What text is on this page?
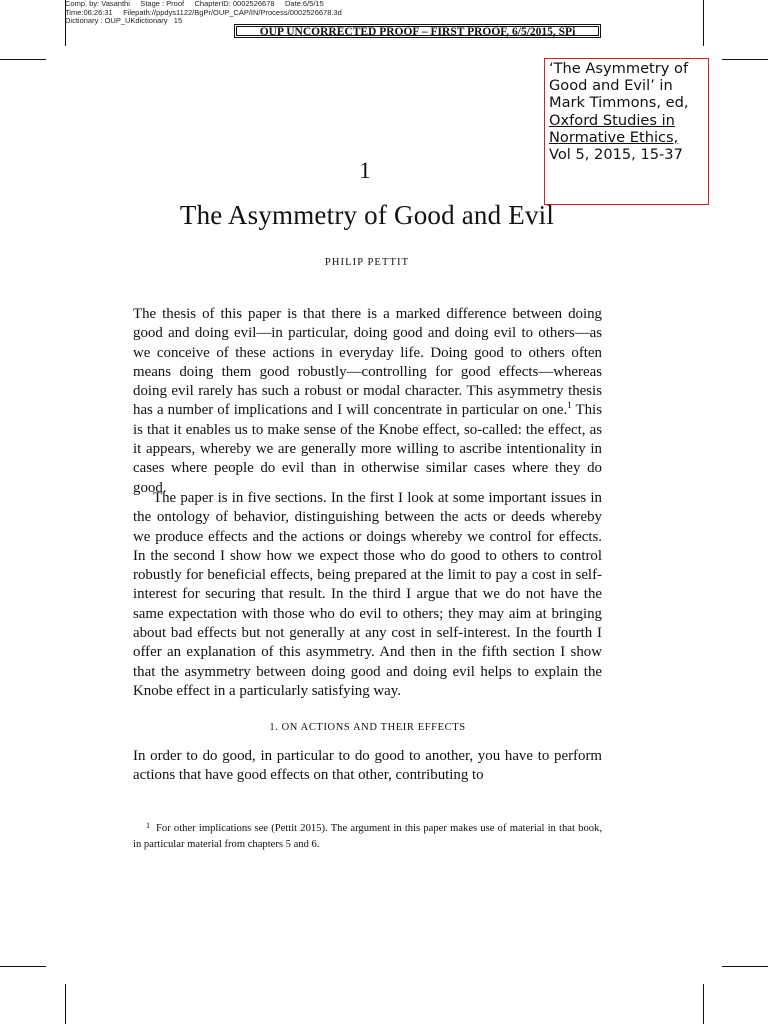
Comp. by: Vasanthi     Stage : Proof     ChapterID: 0002526678     Date:6/5/15
Time:06:26:31     Filepath://ppdys1122/BgPr/OUP_CAP/IN/Process/0002526678.3d
Dictionary : OUP_UKdictionary   15
OUP UNCORRECTED PROOF – FIRST PROOF, 6/5/2015, SPi
‘The Asymmetry of
Good and Evil’ in
Mark Timmons, ed,
Oxford Studies in
Normative Ethics,
Vol 5, 2015, 15-37
1
The Asymmetry of Good and Evil
PHILIP PETTIT
The thesis of this paper is that there is a marked difference between doing good and doing evil—in particular, doing good and doing evil to others—as we conceive of these actions in everyday life. Doing good to others often means doing them good robustly—controlling for good effects—whereas doing evil rarely has such a robust or modal character. This asymmetry thesis has a number of implications and I will concentrate in particular on one.$^1$ This is that it enables us to make sense of the Knobe effect, so-called: the effect, as it appears, whereby we are generally more willing to ascribe intentionality in cases where people do evil than in otherwise similar cases where they do good.
The paper is in five sections. In the first I look at some important issues in the ontology of behavior, distinguishing between the acts or deeds whereby we produce effects and the actions or doings whereby we control for effects. In the second I show how we expect those who do good to others to control robustly for beneficial effects, being prepared at the limit to pay a cost in self-interest for securing that result. In the third I argue that we do not have the same expectation with those who do evil to others; they may aim at bringing about bad effects but not generally at any cost in self-interest. In the fourth I offer an explanation of this asymmetry. And then in the fifth section I show that the asymmetry between doing good and doing evil helps to explain the Knobe effect in a particularly satisfying way.
1. ON ACTIONS AND THEIR EFFECTS
In order to do good, in particular to do good to another, you have to perform actions that have good effects on that other, contributing to
$^1$ For other implications see (Pettit 2015). The argument in this paper makes use of material in that book, in particular material from chapters 5 and 6.
